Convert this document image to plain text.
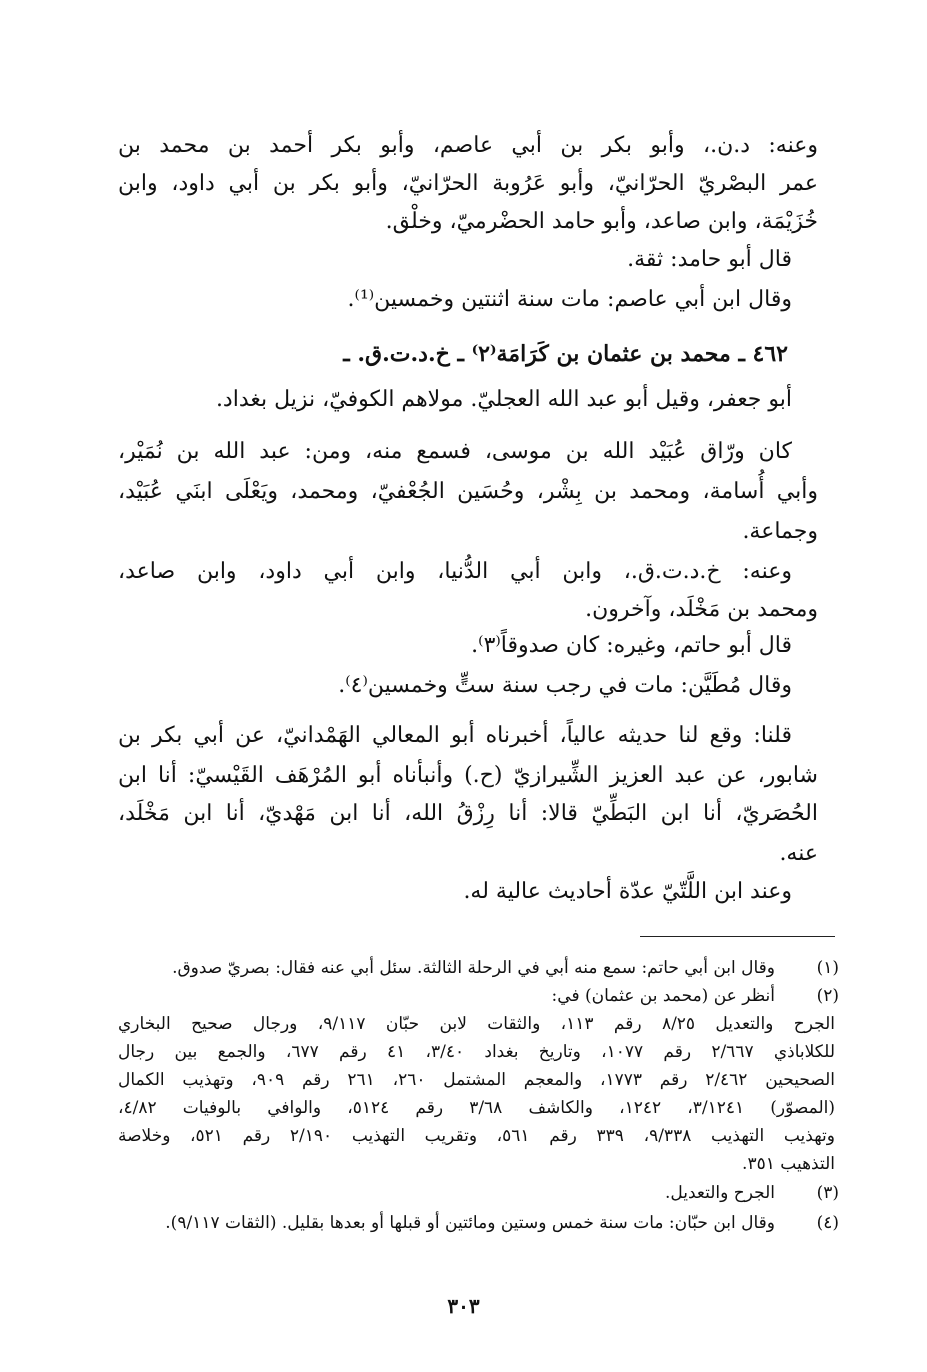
وعنه: د.ن.، وأبو بكر بن أبي عاصم، وأبو بكر أحمد بن محمد بن
عمر البصْريّ الحرّانيّ، وأبو عَرُوبة الحرّانيّ، وأبو بكر بن أبي داود، وابن
خُزَيْمَة، وابن صاعد، وأبو حامد الحضْرميّ، وخلْق.
قال أبو حامد: ثقة.
وقال ابن أبي عاصم: مات سنة اثنتين وخمسين⁽¹⁾.
٤٦٢ ـ محمد بن عثمان بن كَرَامَة⁽٢⁾ ـ خ.د.ت.ق. ـ
أبو جعفر، وقيل أبو عبد الله العجليّ. مولاهم الكوفيّ، نزيل بغداد.
كان ورّاق عُبَيْد الله بن موسى، فسمع منه، ومن: عبد الله بن نُمَيْر،
وأبي أُسامة، ومحمد بن بِشْر، وحُسَين الجُعْفيّ، ومحمد، ويَعْلَى ابنَي عُبَيْد،
وجماعة.
وعنه: خ.د.ت.ق.، وابن أبي الدُّنيا، وابن أبي داود، وابن صاعد،
ومحمد بن مَخْلَد، وآخرون.
قال أبو حاتم، وغيره: كان صدوقاً⁽٣⁾.
وقال مُطَيَّن: مات في رجب سنة ستٍّ وخمسين⁽٤⁾.
قلنا: وقع لنا حديثه عالياً، أخبرناه أبو المعالي الهَمْدانيّ، عن أبي بكر بن
شابور، عن عبد العزيز الشِّيرازيّ (ح.) وأنبأناه أبو المُرْهَف القَيْسيّ: أنا ابن
الحُصَريّ، أنا ابن البَطِّيّ قالا: أنا رِزْقُ الله، أنا ابن مَهْديّ، أنا ابن مَخْلَد،
عنه.
وعند ابن اللَّتّيّ عدّة أحاديث عالية له.
(١)
وقال ابن أبي حاتم: سمع منه أبي في الرحلة الثالثة. سئل أبي عنه فقال: بصريّ صدوق.
(٢)
أنظر عن (محمد بن عثمان) في:
الجرح والتعديل ٨/٢٥ رقم ١١٣، والثقات لابن حبّان ٩/١١٧، ورجال صحيح البخاري
للكلاباذي ٢/٦٦٧ رقم ١٠٧٧، وتاريخ بغداد ٣/٤٠، ٤١ رقم ٦٧٧، والجمع بين رجال
الصحيحين ٢/٤٦٢ رقم ١٧٧٣، والمعجم المشتمل ٢٦٠، ٢٦١ رقم ٩٠٩، وتهذيب الكمال
(المصوّر) ٣/١٢٤١، ١٢٤٢، والكاشف ٣/٦٨ رقم ٥١٢٤، والوافي بالوفيات ٤/٨٢،
وتهذيب التهذيب ٩/٣٣٨، ٣٣٩ رقم ٥٦١، وتقريب التهذيب ٢/١٩٠ رقم ٥٢١، وخلاصة
التذهيب ٣٥١.
(٣)
الجرح والتعديل.
(٤)
وقال ابن حبّان: مات سنة خمس وستين ومائتين أو قبلها أو بعدها بقليل. (الثقات ٩/١١٧).
٣٠٣
